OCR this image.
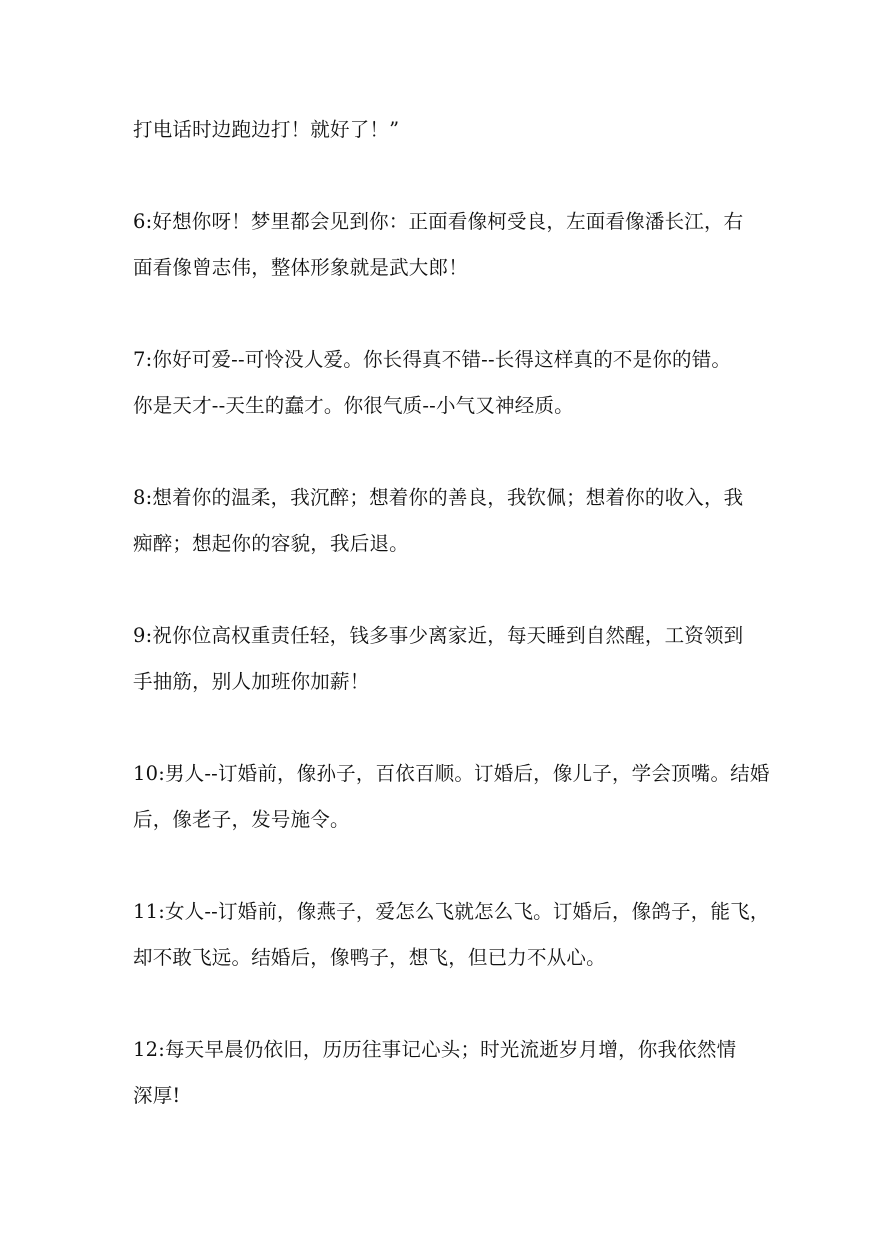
打电话时边跑边打！就好了！”
6:好想你呀！梦里都会见到你：正面看像柯受良，左面看像潘长江，右
面看像曾志伟，整体形象就是武大郎！
7:你好可爱--可怜没人爱。你长得真不错--长得这样真的不是你的错。
你是天才--天生的蠢才。你很气质--小气又神经质。
8:想着你的温柔，我沉醉；想着你的善良，我钦佩；想着你的收入，我
痴醉；想起你的容貌，我后退。
9:祝你位高权重责任轻，钱多事少离家近，每天睡到自然醒，工资领到
手抽筋，别人加班你加薪！
10:男人--订婚前，像孙子，百依百顺。订婚后，像儿子，学会顶嘴。结婚
后，像老子，发号施令。
11:女人--订婚前，像燕子，爱怎么飞就怎么飞。订婚后，像鸽子，能飞，
却不敢飞远。结婚后，像鸭子，想飞，但已力不从心。
12:每天早晨仍依旧，历历往事记心头；时光流逝岁月增，你我依然情
深厚!
